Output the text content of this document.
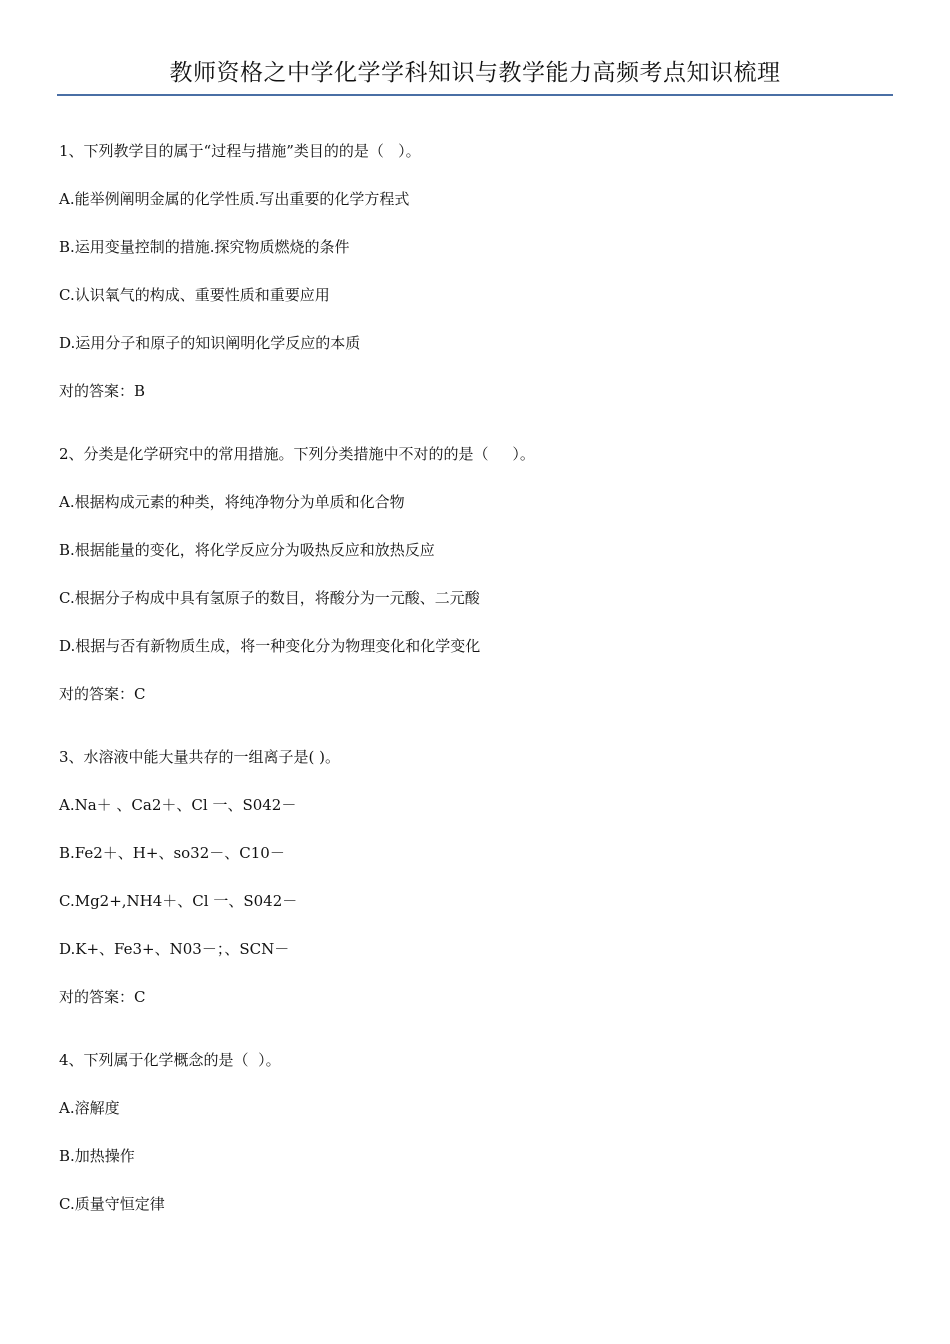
教师资格之中学化学学科知识与教学能力高频考点知识梳理
1、下列教学目的属于“过程与措施”类目的的是（   ）。
A.能举例阐明金属的化学性质.写出重要的化学方程式
B.运用变量控制的措施.探究物质燃烧的条件
C.认识氧气的构成、重要性质和重要应用
D.运用分子和原子的知识阐明化学反应的本质
对的答案：B
2、分类是化学研究中的常用措施。下列分类措施中不对的的是（     ）。
A.根据构成元素的种类，将纯净物分为单质和化合物
B.根据能量的变化，将化学反应分为吸热反应和放热反应
C.根据分子构成中具有氢原子的数目，将酸分为一元酸、二元酸
D.根据与否有新物质生成，将一种变化分为物理变化和化学变化
对的答案：C
3、水溶液中能大量共存的一组离子是( )。
A.Na＋ 、Ca2＋、Cl 一、S042－
B.Fe2＋、H+、so32－、C10－
C.Mg2+,NH4＋、Cl 一、S042－
D.K+、Fe3+、N03－；、SCN－
对的答案：C
4、下列属于化学概念的是（  ）。
A.溶解度
B.加热操作
C.质量守恒定律
